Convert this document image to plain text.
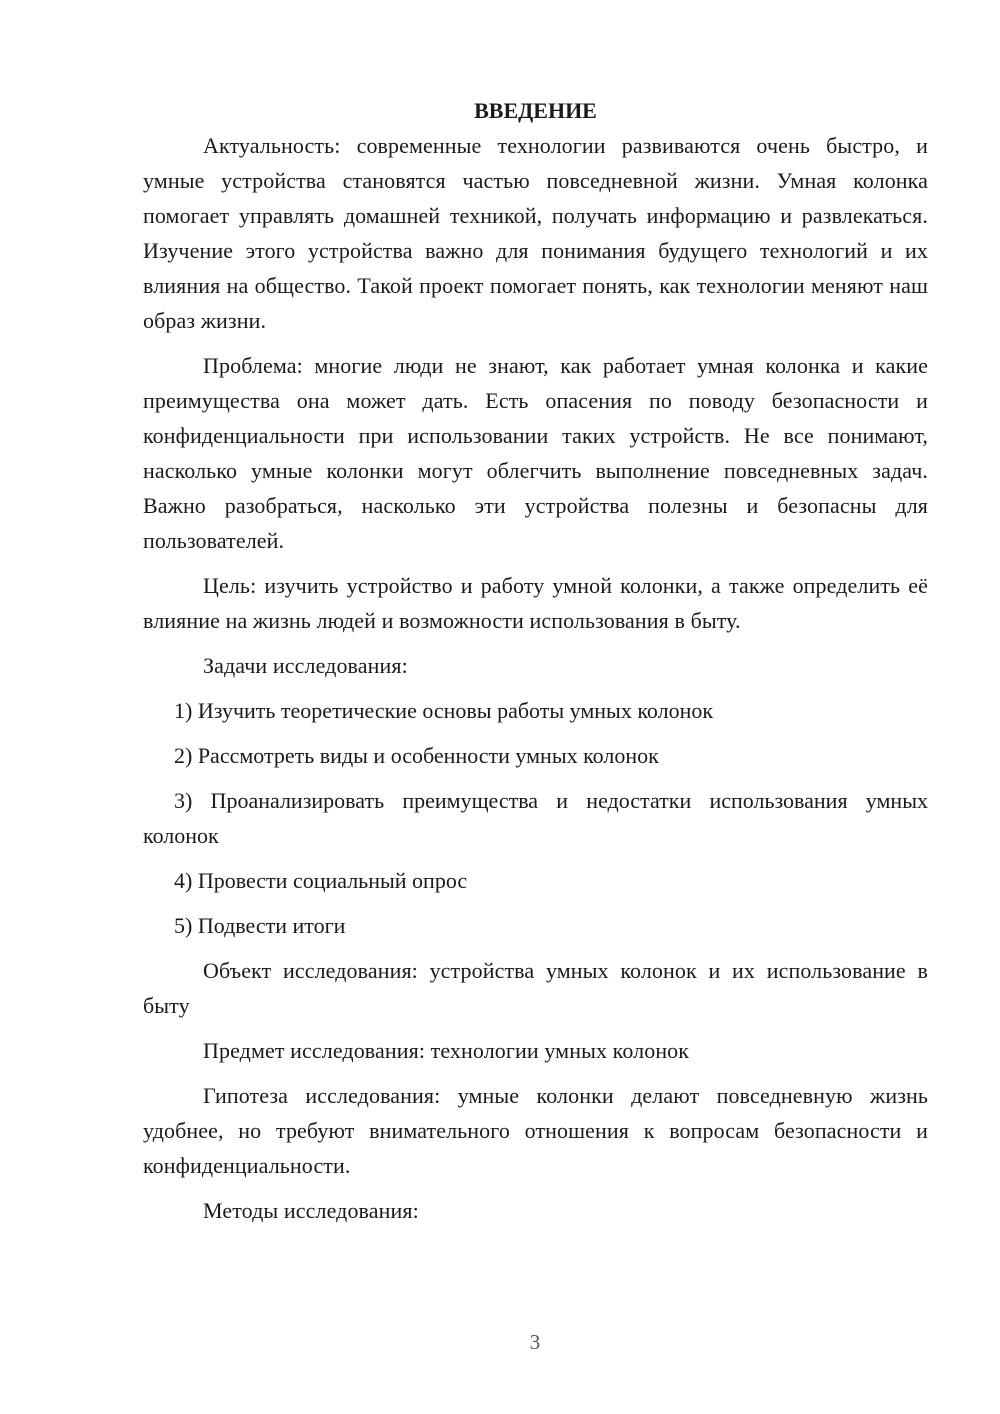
ВВЕДЕНИЕ

Актуальность: современные технологии развиваются очень быстро, и умные устройства становятся частью повседневной жизни. Умная колонка помогает управлять домашней техникой, получать информацию и развлекаться. Изучение этого устройства важно для понимания будущего технологий и их влияния на общество. Такой проект помогает понять, как технологии меняют наш образ жизни.

Проблема: многие люди не знают, как работает умная колонка и какие преимущества она может дать. Есть опасения по поводу безопасности и конфиденциальности при использовании таких устройств. Не все понимают, насколько умные колонки могут облегчить выполнение повседневных задач. Важно разобраться, насколько эти устройства полезны и безопасны для пользователей.

Цель: изучить устройство и работу умной колонки, а также определить её влияние на жизнь людей и возможности использования в быту.

Задачи исследования:

1) Изучить теоретические основы работы умных колонок

2) Рассмотреть виды и особенности умных колонок

3) Проанализировать преимущества и недостатки использования умных колонок

4) Провести социальный опрос

5) Подвести итоги

Объект исследования: устройства умных колонок и их использование в быту

Предмет исследования: технологии умных колонок

Гипотеза исследования: умные колонки делают повседневную жизнь удобнее, но требуют внимательного отношения к вопросам безопасности и конфиденциальности.

Методы исследования:

3
